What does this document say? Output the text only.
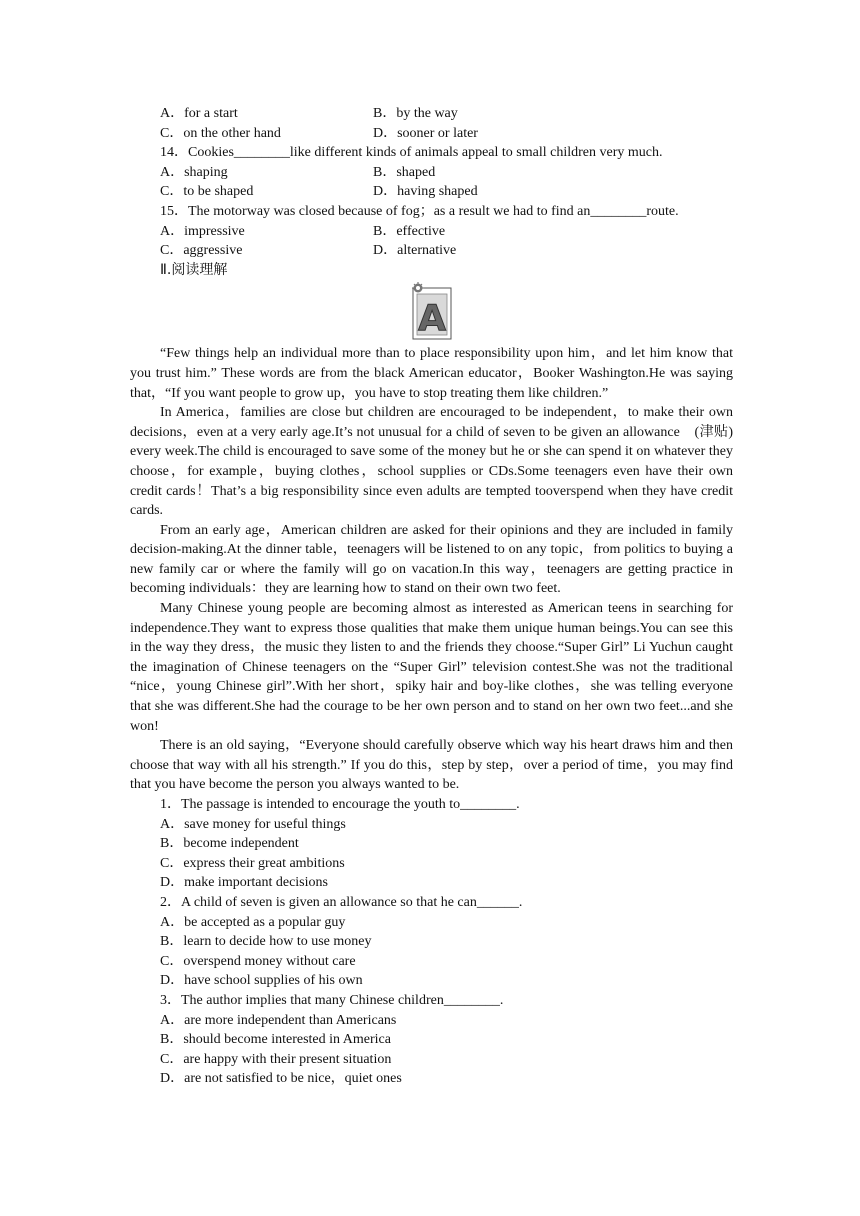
A．for a start	B．by the way
C．on the other hand	D．sooner or later
14．Cookies________like different kinds of animals appeal to small children very much.
A．shaping	B．shaped
C．to be shaped	D．having shaped
15．The motorway was closed because of fog；as a result we had to find an________route.
A．impressive	B．effective
C．aggressive	D．alternative
Ⅱ.阅读理解
A

“Few things help an individual more than to place responsibility upon him，and let him know that you trust him.” These words are from the black American educator，Booker Washington.He was saying that，“If you want people to grow up，you have to stop treating them like children.”

In America，families are close but children are encouraged to be independent，to make their own decisions，even at a very early age.It’s not unusual for a child of seven to be given an allowance　(津贴) every week.The child is encouraged to save some of the money but he or she can spend it on whatever they choose，for example，buying clothes，school supplies or CDs.Some teenagers even have their own credit cards！That’s a big responsibility since even adults are tempted tooverspend when they have credit cards.

From an early age，American children are asked for their opinions and they are included in family decision-making.At the dinner table，teenagers will be listened to on any topic，from politics to buying a new family car or where the family will go on vacation.In this way，teenagers are getting practice in becoming individuals：they are learning how to stand on their own two feet.

Many Chinese young people are becoming almost as interested as American teens in searching for independence.They want to express those qualities that make them unique human beings.You can see this in the way they dress，the music they listen to and the friends they choose.“Super Girl” Li Yuchun caught the imagination of Chinese teenagers on the “Super Girl” television contest.She was not the traditional “nice，young Chinese girl”.With her short，spiky hair and boy-like clothes，she was telling everyone that she was different.She had the courage to be her own person and to stand on her own two feet...and she won!

There is an old saying，“Everyone should carefully observe which way his heart draws him and then choose that way with all his strength.” If you do this，step by step，over a period of time，you may find that you have become the person you always wanted to be.

1．The passage is intended to encourage the youth to________.
A．save money for useful things
B．become independent
C．express their great ambitions
D．make important decisions
2．A child of seven is given an allowance so that he can______.
A．be accepted as a popular guy
B．learn to decide how to use money
C．overspend money without care
D．have school supplies of his own
3．The author implies that many Chinese children________.
A．are more independent than Americans
B．should become interested in America
C．are happy with their present situation
D．are not satisfied to be nice，quiet ones
